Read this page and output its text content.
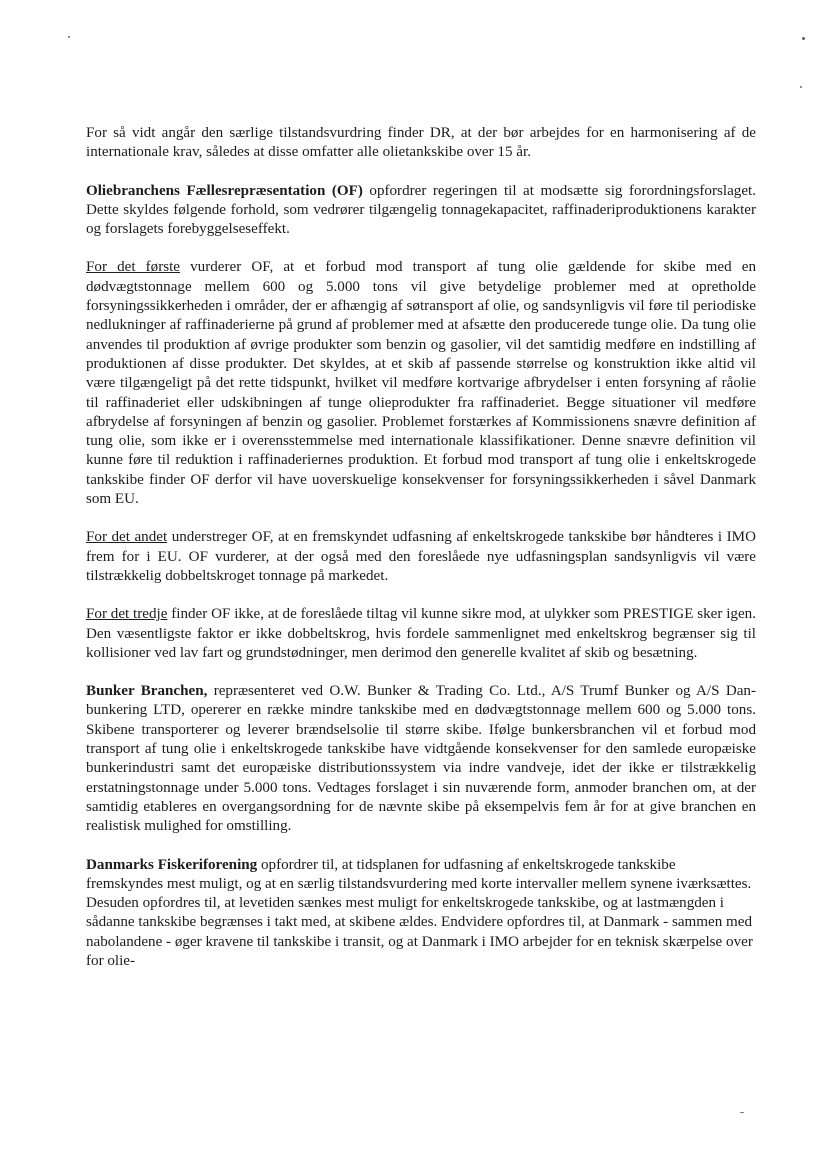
For så vidt angår den særlige tilstandsvurdring finder DR, at der bør arbejdes for en harmonisering af de internationale krav, således at disse omfatter alle olietankskibe over 15 år.

Oliebranchens Fællesrepræsentation (OF) opfordrer regeringen til at modsætte sig forordningsforslaget. Dette skyldes følgende forhold, som vedrører tilgængelig tonnagekapacitet, raffinaderiproduktionens karakter og forslagets forebyggelseseffekt.

For det første vurderer OF, at et forbud mod transport af tung olie gældende for skibe med en dødvægtstonnage mellem 600 og 5.000 tons vil give betydelige problemer med at opretholde forsyningssikkerheden i områder, der er afhængig af søtransport af olie, og sandsynligvis vil føre til periodiske nedlukninger af raffinaderierne på grund af problemer med at afsætte den producerede tunge olie. Da tung olie anvendes til produktion af øvrige produkter som benzin og gasolier, vil det samtidig medføre en indstilling af produktionen af disse produkter. Det skyldes, at et skib af passende størrelse og konstruktion ikke altid vil være tilgængeligt på det rette tidspunkt, hvilket vil medføre kortvarige afbrydelser i enten forsyning af råolie til raffinaderiet eller udskibningen af tunge olieprodukter fra raffinaderiet. Begge situationer vil medføre afbrydelse af forsyningen af benzin og gasolier. Problemet forstærkes af Kommissionens snævre definition af tung olie, som ikke er i overensstemmelse med internationale klassifikationer. Denne snævre definition vil kunne føre til reduktion i raffinaderiernes produktion. Et forbud mod transport af tung olie i enkeltskrogede tankskibe finder OF derfor vil have uoverskuelige konsekvenser for forsyningssikkerheden i såvel Danmark som EU.

For det andet understreger OF, at en fremskyndet udfasning af enkeltskrogede tankskibe bør håndteres i IMO frem for i EU. OF vurderer, at der også med den foreslåede nye udfasningsplan sandsynligvis vil være tilstrækkelig dobbeltskroget tonnage på markedet.

For det tredje finder OF ikke, at de foreslåede tiltag vil kunne sikre mod, at ulykker som PRESTIGE sker igen. Den væsentligste faktor er ikke dobbeltskrog, hvis fordele sammenlignet med enkeltskrog begrænser sig til kollisioner ved lav fart og grundstødninger, men derimod den generelle kvalitet af skib og besætning.

Bunker Branchen, repræsenteret ved O.W. Bunker & Trading Co. Ltd., A/S Trumf Bunker og A/S Dan-bunkering LTD, opererer en række mindre tankskibe med en dødvægtstonnage mellem 600 og 5.000 tons. Skibene transporterer og leverer brændselsolie til større skibe. Ifølge bunkersbranchen vil et forbud mod transport af tung olie i enkeltskrogede tankskibe have vidtgående konsekvenser for den samlede europæiske bunkerindustri samt det europæiske distributionssystem via indre vandveje, idet der ikke er tilstrækkelig erstatningstonnage under 5.000 tons. Vedtages forslaget i sin nuværende form, anmoder branchen om, at der samtidig etableres en overgangsordning for de nævnte skibe på eksempelvis fem år for at give branchen en realistisk mulighed for omstilling.

Danmarks Fiskeriforening opfordrer til, at tidsplanen for udfasning af enkeltskrogede tankskibe fremskyndes mest muligt, og at en særlig tilstandsvurdering med korte intervaller mellem synene iværksættes. Desuden opfordres til, at levetiden sænkes mest muligt for enkeltskrogede tankskibe, og at lastmængden i sådanne tankskibe begrænses i takt med, at skibene ældes. Endvidere opfordres til, at Danmark - sammen med nabolandene - øger kravene til tankskibe i transit, og at Danmark i IMO arbejder for en teknisk skærpelse over for olie-
